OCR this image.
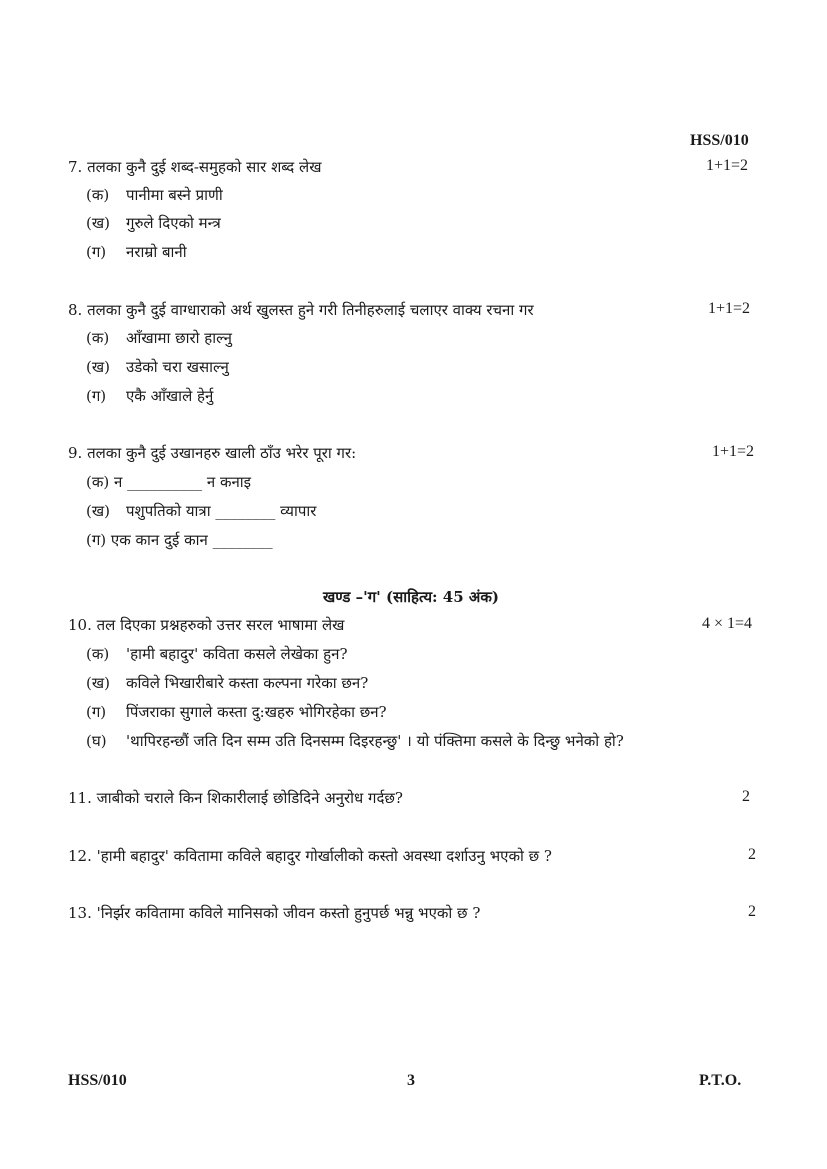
HSS/010
7. तलका कुनै दुई शब्द-समुहको सार शब्द लेख	1+1=2
(क) पानीमा बस्ने प्राणी
(ख) गुरुले दिएको मन्त्र
(ग) नराम्रो बानी
8. तलका कुनै दुई वाग्धाराको अर्थ खुलस्त हुने गरी तिनीहरुलाई चलाएर वाक्य रचना गर	1+1=2
(क) आँखामा छारो हाल्नु
(ख) उडेको चरा खसाल्नु
(ग) एकै आँखाले हेर्नु
9. तलका कुनै दुई उखानहरु खाली ठाँउ भरेर पूरा गर:	1+1=2
(क) न __________ न कनाइ
(ख) पशुपतिको यात्रा ________ व्यापार
(ग) एक कान दुई कान ________
खण्ड –'ग' (साहित्य: 45 अंक)
10. तल दिएका प्रश्नहरुको उत्तर सरल भाषामा लेख	4 × 1=4
(क) 'हामी बहादुर' कविता कसले लेखेका हुन?
(ख) कविले भिखारीबारे कस्ता कल्पना गरेका छन?
(ग) पिंजराका सुगाले कस्ता दु:खहरु भोगिरहेका छन?
(घ) 'थापिरहन्छौं जति दिन सम्म उति दिनसम्म दिइरहन्छु' । यो पंक्तिमा कसले के दिन्छु भनेको हो?
11. जाबीको चराले किन शिकारीलाई छोडिदिने अनुरोध गर्दछ?	2
12. 'हामी बहादुर' कवितामा कविले बहादुर गोर्खालीको कस्तो अवस्था दर्शाउनु भएको छ ?	2
13. 'निर्झर कवितामा कविले मानिसको जीवन कस्तो हुनुपर्छ भन्नु भएको छ ?	2
HSS/010	3	P.T.O.
